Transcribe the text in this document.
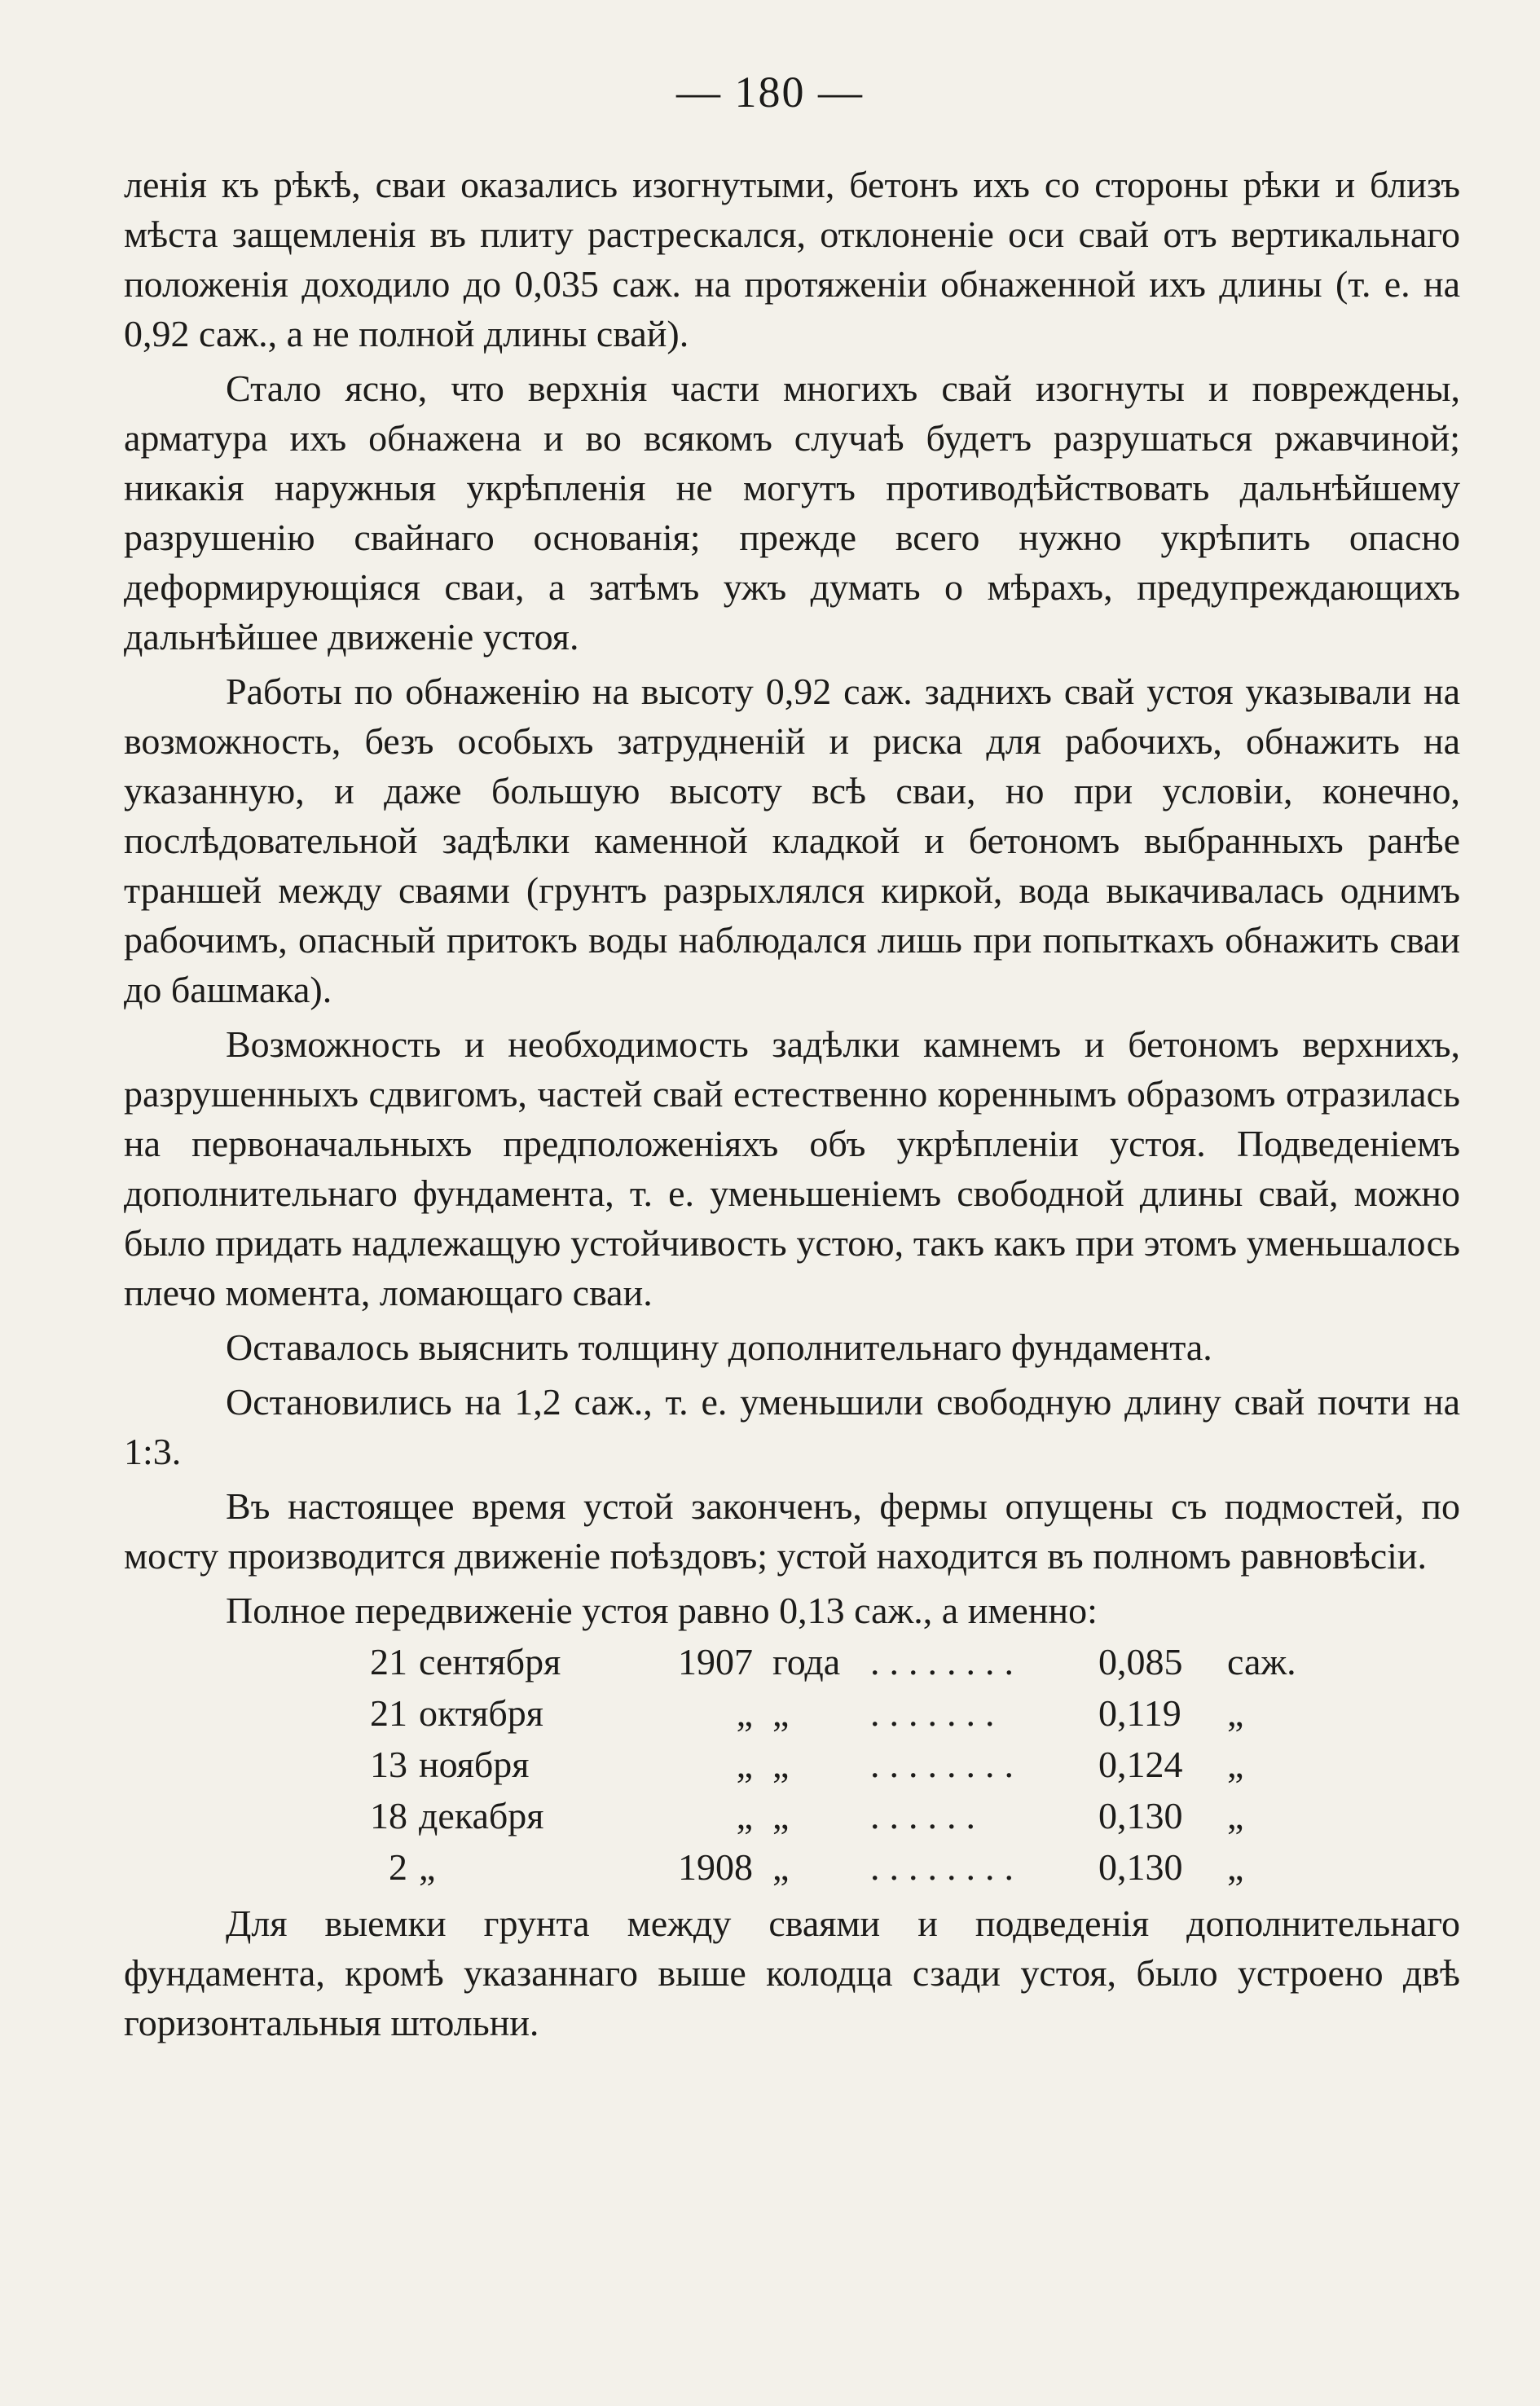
— 180 —

ленія къ рѣкѣ, сваи оказались изогнутыми, бетонъ ихъ со стороны рѣки и близъ мѣста защемленія въ плиту растрескался, отклоненіе оси свай отъ вертикальнаго положенія доходило до 0,035 саж. на протяженіи обнаженной ихъ длины (т. е. на 0,92 саж., а не полной длины свай).

Стало ясно, что верхнія части многихъ свай изогнуты и повреждены, арматура ихъ обнажена и во всякомъ случаѣ будетъ разрушаться ржавчиной; никакія наружныя укрѣпленія не могутъ противодѣйствовать дальнѣйшему разрушенію свайнаго основанія; прежде всего нужно укрѣпить опасно деформирующіяся сваи, а затѣмъ ужъ думать о мѣрахъ, предупреждающихъ дальнѣйшее движеніе устоя.

Работы по обнаженію на высоту 0,92 саж. заднихъ свай устоя указывали на возможность, безъ особыхъ затрудненій и риска для рабочихъ, обнажить на указанную, и даже большую высоту всѣ сваи, но при условіи, конечно, послѣдовательной задѣлки каменной кладкой и бетономъ выбранныхъ ранѣе траншей между сваями (грунтъ разрыхлялся киркой, вода выкачивалась однимъ рабочимъ, опасный притокъ воды наблюдался лишь при попыткахъ обнажить сваи до башмака).

Возможность и необходимость задѣлки камнемъ и бетономъ верхнихъ, разрушенныхъ сдвигомъ, частей свай естественно кореннымъ образомъ отразилась на первоначальныхъ предположеніяхъ объ укрѣпленіи устоя. Подведеніемъ дополнительнаго фундамента, т. е. уменьшеніемъ свободной длины свай, можно было придать надлежащую устойчивость устою, такъ какъ при этомъ уменьшалось плечо момента, ломающаго сваи.

Оставалось выяснить толщину дополнительнаго фундамента.

Остановились на 1,2 саж., т. е. уменьшили свободную длину свай почти на 1:3.

Въ настоящее время устой законченъ, фермы опущены съ подмостей, по мосту производится движеніе поѣздовъ; устой находится въ полномъ равновѣсіи.

Полное передвиженіе устоя равно 0,13 саж., а именно:

21 сентября	1907 года ........	0,085	саж.
21 октября	„ „	.......	0,119	„
13 ноября	„ „	........	0,124	„
18 декабря	„ „	......	0,130	„
2 „	1908 „	........	0,130	„

Для выемки грунта между сваями и подведенія дополнительнаго фундамента, кромѣ указаннаго выше колодца сзади устоя, было устроено двѣ горизонтальныя штольни.
